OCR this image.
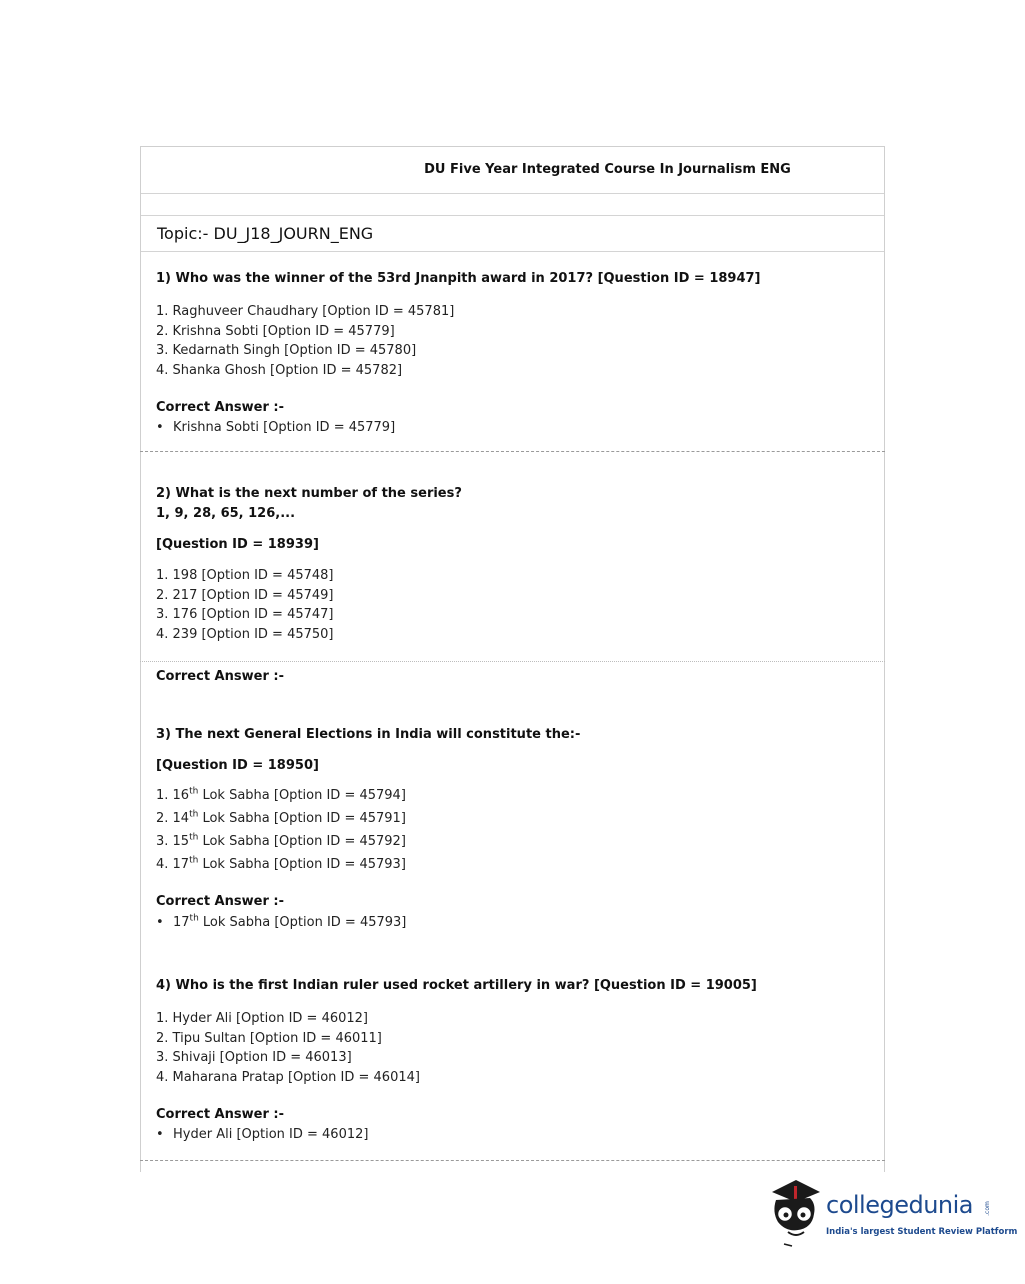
DU Five Year Integrated Course In Journalism ENG
Topic:- DU_J18_JOURN_ENG

1) Who was the winner of the 53rd Jnanpith award in 2017? [Question ID = 18947]

1. Raghuveer Chaudhary [Option ID = 45781]
2. Krishna Sobti [Option ID = 45779]
3. Kedarnath Singh [Option ID = 45780]
4. Shanka Ghosh [Option ID = 45782]
Correct Answer :-
• Krishna Sobti [Option ID = 45779]

2) What is the next number of the series?

1, 9, 28, 65, 126,...

[Question ID = 18939]
1. 198 [Option ID = 45748]
2. 217 [Option ID = 45749]
3. 176 [Option ID = 45747]
4. 239 [Option ID = 45750]
Correct Answer :-

3) The next General Elections in India will constitute the:-

[Question ID = 18950]
1. 16th Lok Sabha [Option ID = 45794]
2. 14th Lok Sabha [Option ID = 45791]
3. 15th Lok Sabha [Option ID = 45792]
4. 17th Lok Sabha [Option ID = 45793]
Correct Answer :-
• 17th Lok Sabha [Option ID = 45793]

4) Who is the first Indian ruler used rocket artillery in war? [Question ID = 19005]

1. Hyder Ali [Option ID = 46012]
2. Tipu Sultan [Option ID = 46011]
3. Shivaji [Option ID = 46013]
4. Maharana Pratap [Option ID = 46014]
Correct Answer :-
• Hyder Ali [Option ID = 46012]
collegedunia .com
India's largest Student Review Platform
